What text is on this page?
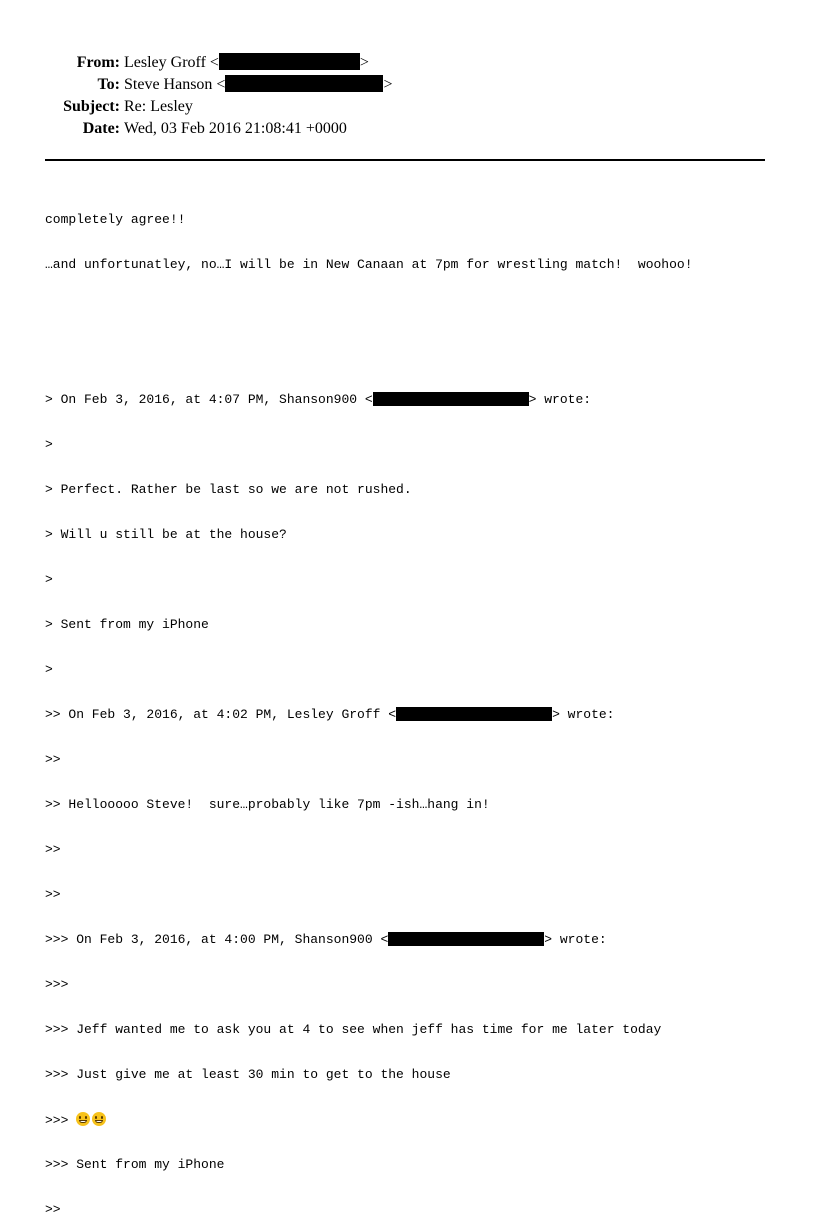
From: Lesley Groff <	>
To: Steve Hanson <	>
Subject: Re: Lesley
Date: Wed, 03 Feb 2016 21:08:41 +0000

completely agree!!

…and unfortunatley, no…I will be in New Canaan at 7pm for wrestling match!  woohoo!

> On Feb 3, 2016, at 4:07 PM, Shanson900 <	> wrote:

>

> Perfect. Rather be last so we are not rushed.

> Will u still be at the house?

>

> Sent from my iPhone

>

>> On Feb 3, 2016, at 4:02 PM, Lesley Groff <	> wrote:

>>

>> Hellooooo Steve!  sure…probably like 7pm -ish…hang in!

>>

>>

>>> On Feb 3, 2016, at 4:00 PM, Shanson900 <	> wrote:

>>>

>>> Jeff wanted me to ask you at 4 to see when jeff has time for me later today

>>> Just give me at least 30 min to get to the house

>>>

>>> Sent from my iPhone

>>
